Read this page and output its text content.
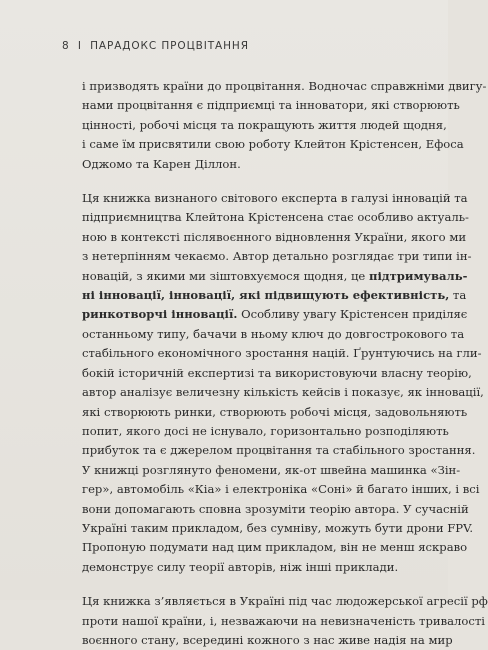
8 I ПАРАДОКС ПРОЦВІТАННЯ
і призводять країни до процвітання. Водночас справжніми двигу-
нами процвітання є підприємці та інноватори, які створюють
цінності, робочі місця та покращують життя людей щодня,
і саме їм присвятили свою роботу Клейтон Крістенсен, Ефоса
Оджомо та Карен Діллон.
Ця книжка визнаного світового експерта в галузі інновацій та
підприємництва Клейтона Крістенсена стає особливо актуаль-
ною в контексті післявоєнного відновлення України, якого ми
з нетерпінням чекаємо. Автор детально розглядає три типи ін-
новацій, з якими ми зіштовхуємося щодня, це підтримуваль-
ні інновації, інновації, які підвищують ефективність, та
ринкотворчі інновації. Особливу увагу Крістенсен приділяє
останньому типу, бачачи в ньому ключ до довгострокового та
стабільного економічного зростання націй. Ґрунтуючись на гли-
бокій історичній експертизі та використовуючи власну теорію,
автор аналізує величезну кількість кейсів і показує, як інновації,
які створюють ринки, створюють робочі місця, задовольняють
попит, якого досі не існувало, горизонтально розподіляють
прибуток та є джерелом процвітання та стабільного зростання.
У книжці розглянуто феномени, як-от швейна машинка «Зін-
гер», автомобіль «Кіа» і електроніка «Соні» й багато інших, і всі
вони допомагають сповна зрозуміти теорію автора. У сучасній
Україні таким прикладом, без сумніву, можуть бути дрони FPV.
Пропоную подумати над цим прикладом, він не менш яскраво
демонструє силу теорії авторів, ніж інші приклади.
Ця книжка з’являється в Україні під час людожерської агресії рф
проти нашої країни, і, незважаючи на невизначеність тривалості
воєнного стану, всередині кожного з нас живе надія на мир
